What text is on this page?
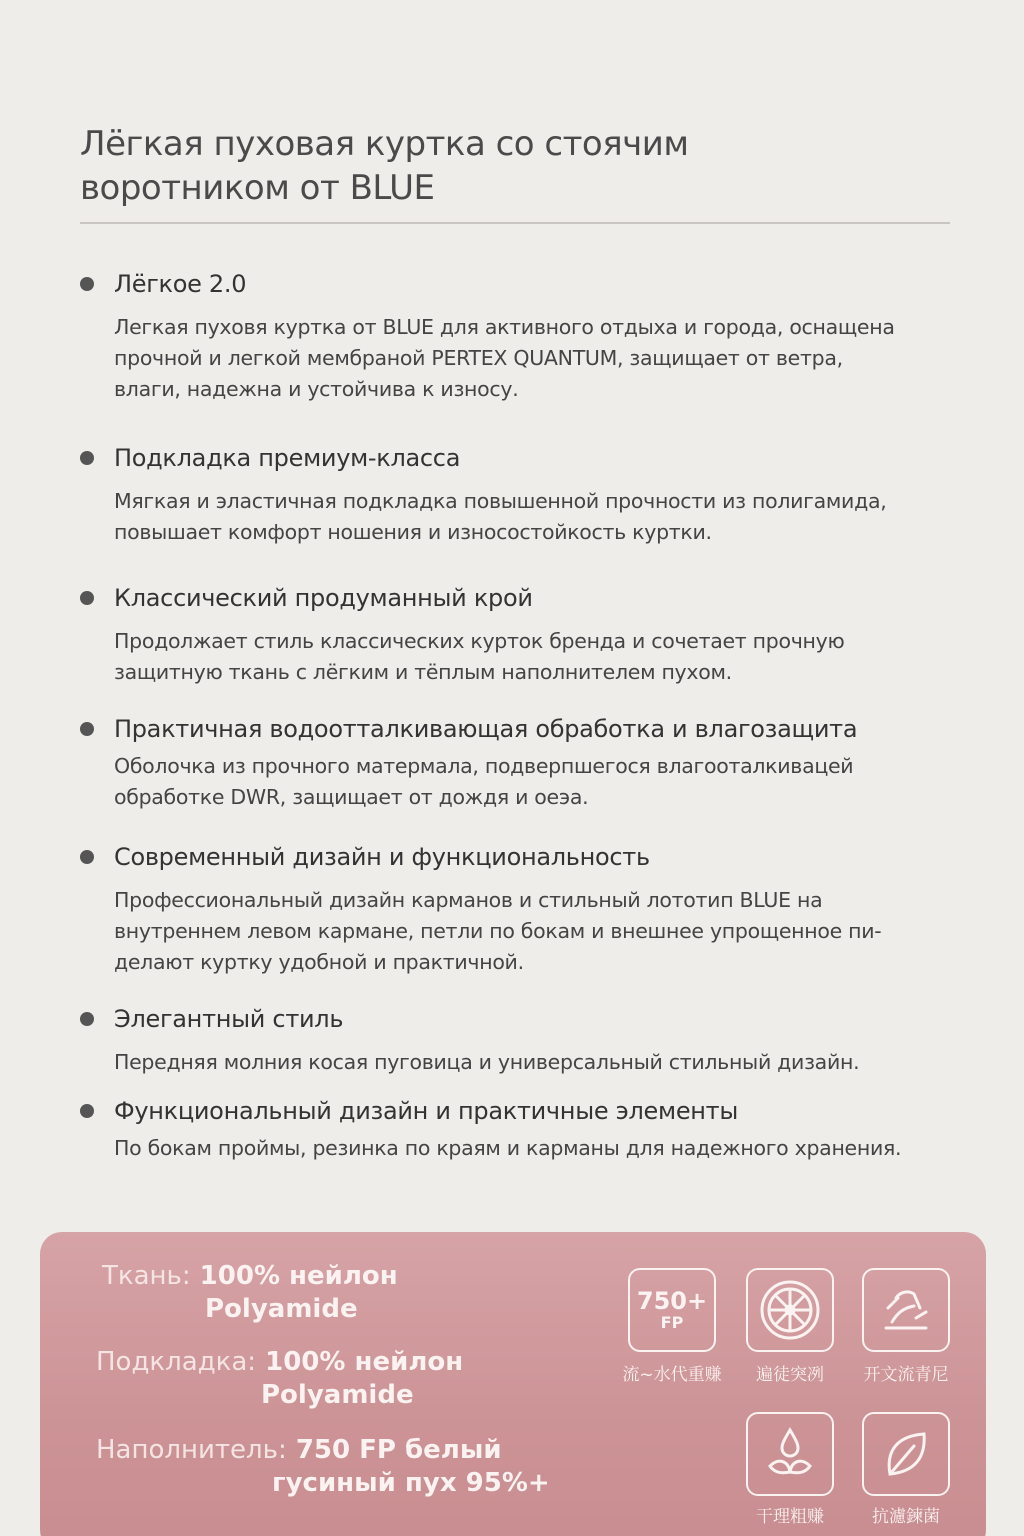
Лёгкая пуховая куртка со стоячим
воротником от BLUE
Лёгкое 2.0
Легкая пуховя куртка от BLUE для активного отдыха и города, оснащена
прочной и легкой мембраной PERTEX QUANTUM, защищает от ветра,
влаги, надежна и устойчива к износу.
Подкладка премиум-класса
Мягкая и эластичная подкладка повышенной прочности из полигамида,
повышает комфорт ношения и износостойкость куртки.
Классический продуманный крой
Продолжает стиль классических курток бренда и сочетает прочную
защитную ткань с лёгким и тёплым наполнителем пухом.
Практичная водоотталкивающая обработка и влагозащита
Оболочка из прочного матермала, подверпшегося влагооталкивацей
обработке DWR, защищает от дождя и оеэа.
Современный дизайн и функциональность
Профессиональный дизайн карманов и стильный лототип BLUE на
внутреннем левом кармане, петли по бокам и внешнее упрощенное пи-
делают куртку удобной и практичной.
Элегантный стиль
Передняя молния косая пуговица и универсальный стильный дизайн.
Функциональный дизайн и практичные элементы
По бокам проймы, резинка по краям и карманы для надежного хранения.
Ткань: 100% нейлон
Polyamide
Подкладка: 100% нейлон
Polyamide
Наполнитель: 750 FP белый
гусиный пух 95%+
750+
FP
流~水代重赚	遍徒突冽	开文流青尼
干理粗赚	抗濾鍊菌
